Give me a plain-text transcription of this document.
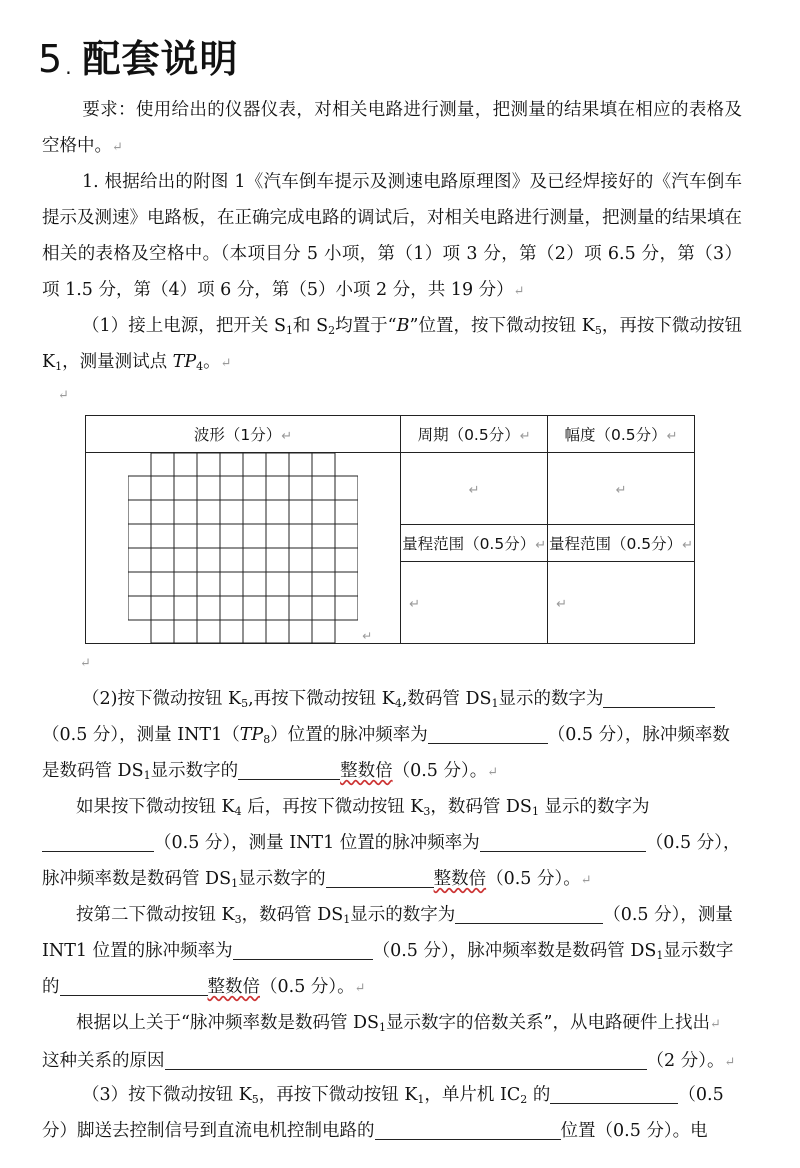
5 . 配套说明
要求：使用给出的仪器仪表，对相关电路进行测量，把测量的结果填在相应的表格及空格中。↵
1. 根据给出的附图 1《汽车倒车提示及测速电路原理图》及已经焊接好的《汽车倒车提示及测速》电路板，在正确完成电路的调试后，对相关电路进行测量，把测量的结果填在相关的表格及空格中。（本项目分 5 小项，第（1）项 3 分，第（2）项 6.5 分，第（3）项 1.5 分，第（4）项 6 分，第（5）小项 2 分，共 19 分）↵
（1）接上电源，把开关 $S_1$和 $S_2$均置于“B”位置，按下微动按钮 $K_5$，再按下微动按钮 $K_1$，测量测试点 $TP_4$。↵
↵
波形（1分）↵	周期（0.5分）↵	幅度（0.5分）↵

↵	↵	↵
	量程范围（0.5分）↵	量程范围（0.5分）↵
	↵	↵
↵
（2)按下微动按钮 $K_5$,再按下微动按钮 $K_4$,数码管 $DS_1$显示的数字为
（0.5 分），测量 $INT1(TP_8)$位置的脉冲频率为	（0.5 分），脉冲频率数
是数码管 $DS_1$显示数字的	整数倍（0.5 分）。↵
如果按下微动按钮 $K_4$ 后，再按下微动按钮 $K_3$，数码管 $DS_1$ 显示的数字为
（0.5 分），测量 INT1 位置的脉冲频率为	（0.5 分），
脉冲频率数是数码管 $DS_1$显示数字的	整数倍（0.5 分）。↵
按第二下微动按钮 $K_3$，数码管 $DS_1$显示的数字为	（0.5 分），测量
INT1 位置的脉冲频率为	（0.5 分），脉冲频率数是数码管 $DS_1$显示数字
的	整数倍（0.5 分）。↵
根据以上关于“脉冲频率数是数码管 $DS_1$显示数字的倍数关系”，从电路硬件上找出↵
这种关系的原因	（2 分）。↵
（3）按下微动按钮 $K_5$，再按下微动按钮 $K_1$，单片机 $IC_2$ 的	（0.5
分）脚送去控制信号到直流电机控制电路的	位置（0.5 分）。电
